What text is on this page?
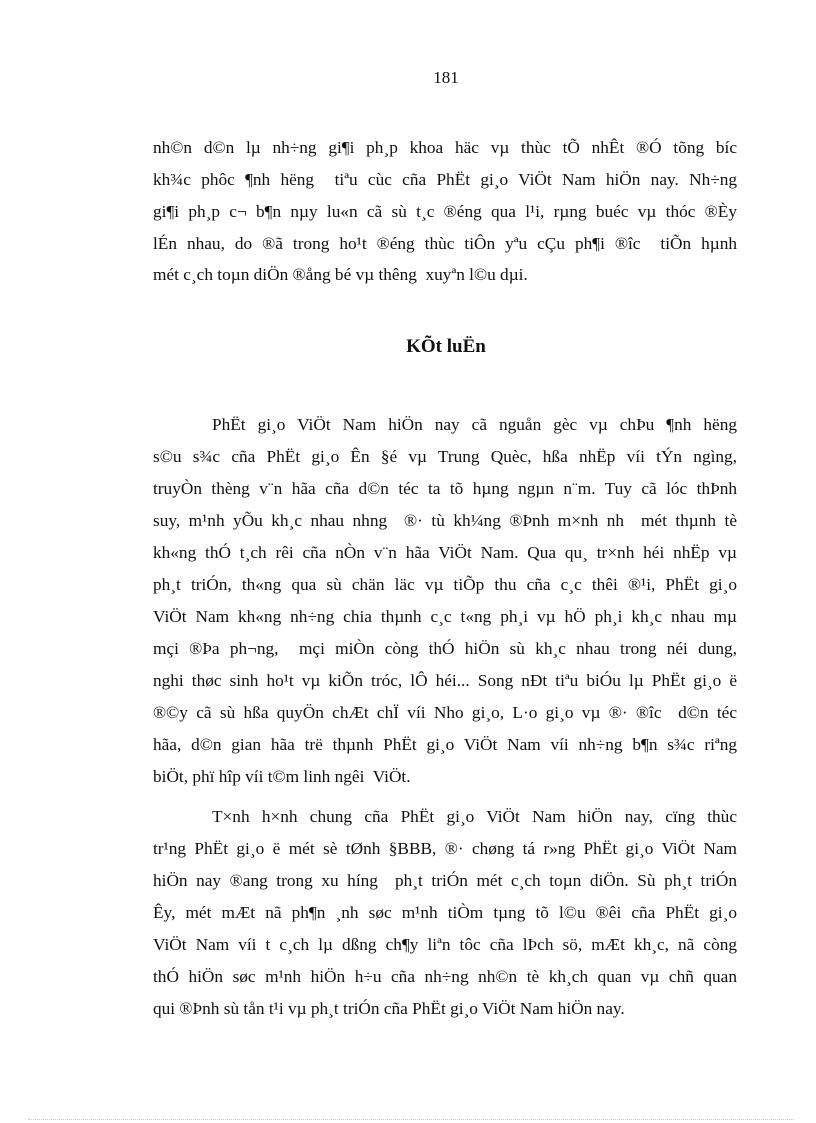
181
nh©n d©n lµ nh÷ng gi¶i ph¸p khoa häc vµ thùc tÕ nhÊt ®Ó tõng bíc
kh¾c phôc ¶nh hëng  tiªu cùc cña PhËt gi¸o ViÖt Nam hiÖn nay. Nh÷ng
gi¶i ph¸p c¬ b¶n nµy lu«n cã sù t¸c ®éng qua l¹i, rµng buéc vµ thóc ®Èy
lÉn nhau, do ®ã trong ho¹t ®éng thùc tiÔn yªu cÇu ph¶i ®îc  tiÕn hµnh
mét c¸ch toµn diÖn ®ång bé vµ thêng  xuyªn l©u dµi.
KÕt luËn
PhËt gi¸o ViÖt Nam hiÖn nay cã nguån gèc vµ chÞu ¶nh hëng
s©u s¾c cña PhËt gi¸o Ên §é vµ Trung Quèc, hßa nhËp víi tÝn ngìng,
truyÒn thèng v¨n hãa cña d©n téc ta tõ hµng ngµn n¨m. Tuy cã lóc thÞnh
suy, m¹nh yÕu kh¸c nhau nhng  ®· tù kh¼ng ®Þnh m×nh nh  mét thµnh tè
kh«ng thÓ t¸ch rêi cña nÒn v¨n hãa ViÖt Nam. Qua qu¸ tr×nh héi nhËp vµ
ph¸t triÓn, th«ng qua sù chän läc vµ tiÕp thu cña c¸c thêi ®¹i, PhËt gi¸o
ViÖt Nam kh«ng nh÷ng chia thµnh c¸c t«ng ph¸i vµ hÖ ph¸i kh¸c nhau mµ
mçi ®Þa ph¬ng,  mçi miÒn còng thÓ hiÖn sù kh¸c nhau trong néi dung,
nghi thøc sinh ho¹t vµ kiÕn tróc, lÔ héi... Song nÐt tiªu biÓu lµ PhËt gi¸o ë
®©y cã sù hßa quyÖn chÆt chÏ víi Nho gi¸o, L·o gi¸o vµ ®· ®îc  d©n téc
hãa, d©n gian hãa trë thµnh PhËt gi¸o ViÖt Nam víi nh÷ng b¶n s¾c riªng
biÖt, phï hîp víi t©m linh ngêi  ViÖt.
T×nh h×nh chung cña PhËt gi¸o ViÖt Nam hiÖn nay, cïng thùc
tr¹ng PhËt gi¸o ë mét sè tØnh §BBB, ®· chøng tá r»ng PhËt gi¸o ViÖt Nam
hiÖn nay ®ang trong xu híng  ph¸t triÓn mét c¸ch toµn diÖn. Sù ph¸t triÓn
Êy, mét mÆt nã ph¶n ¸nh søc m¹nh tiÒm tµng tõ l©u ®êi cña PhËt gi¸o
ViÖt Nam víi t c¸ch lµ dßng ch¶y liªn tôc cña lÞch sö, mÆt kh¸c, nã còng
thÓ hiÖn søc m¹nh hiÖn h÷u cña nh÷ng nh©n tè kh¸ch quan vµ chñ quan
qui ®Þnh sù tån t¹i vµ ph¸t triÓn cña PhËt gi¸o ViÖt Nam hiÖn nay.
